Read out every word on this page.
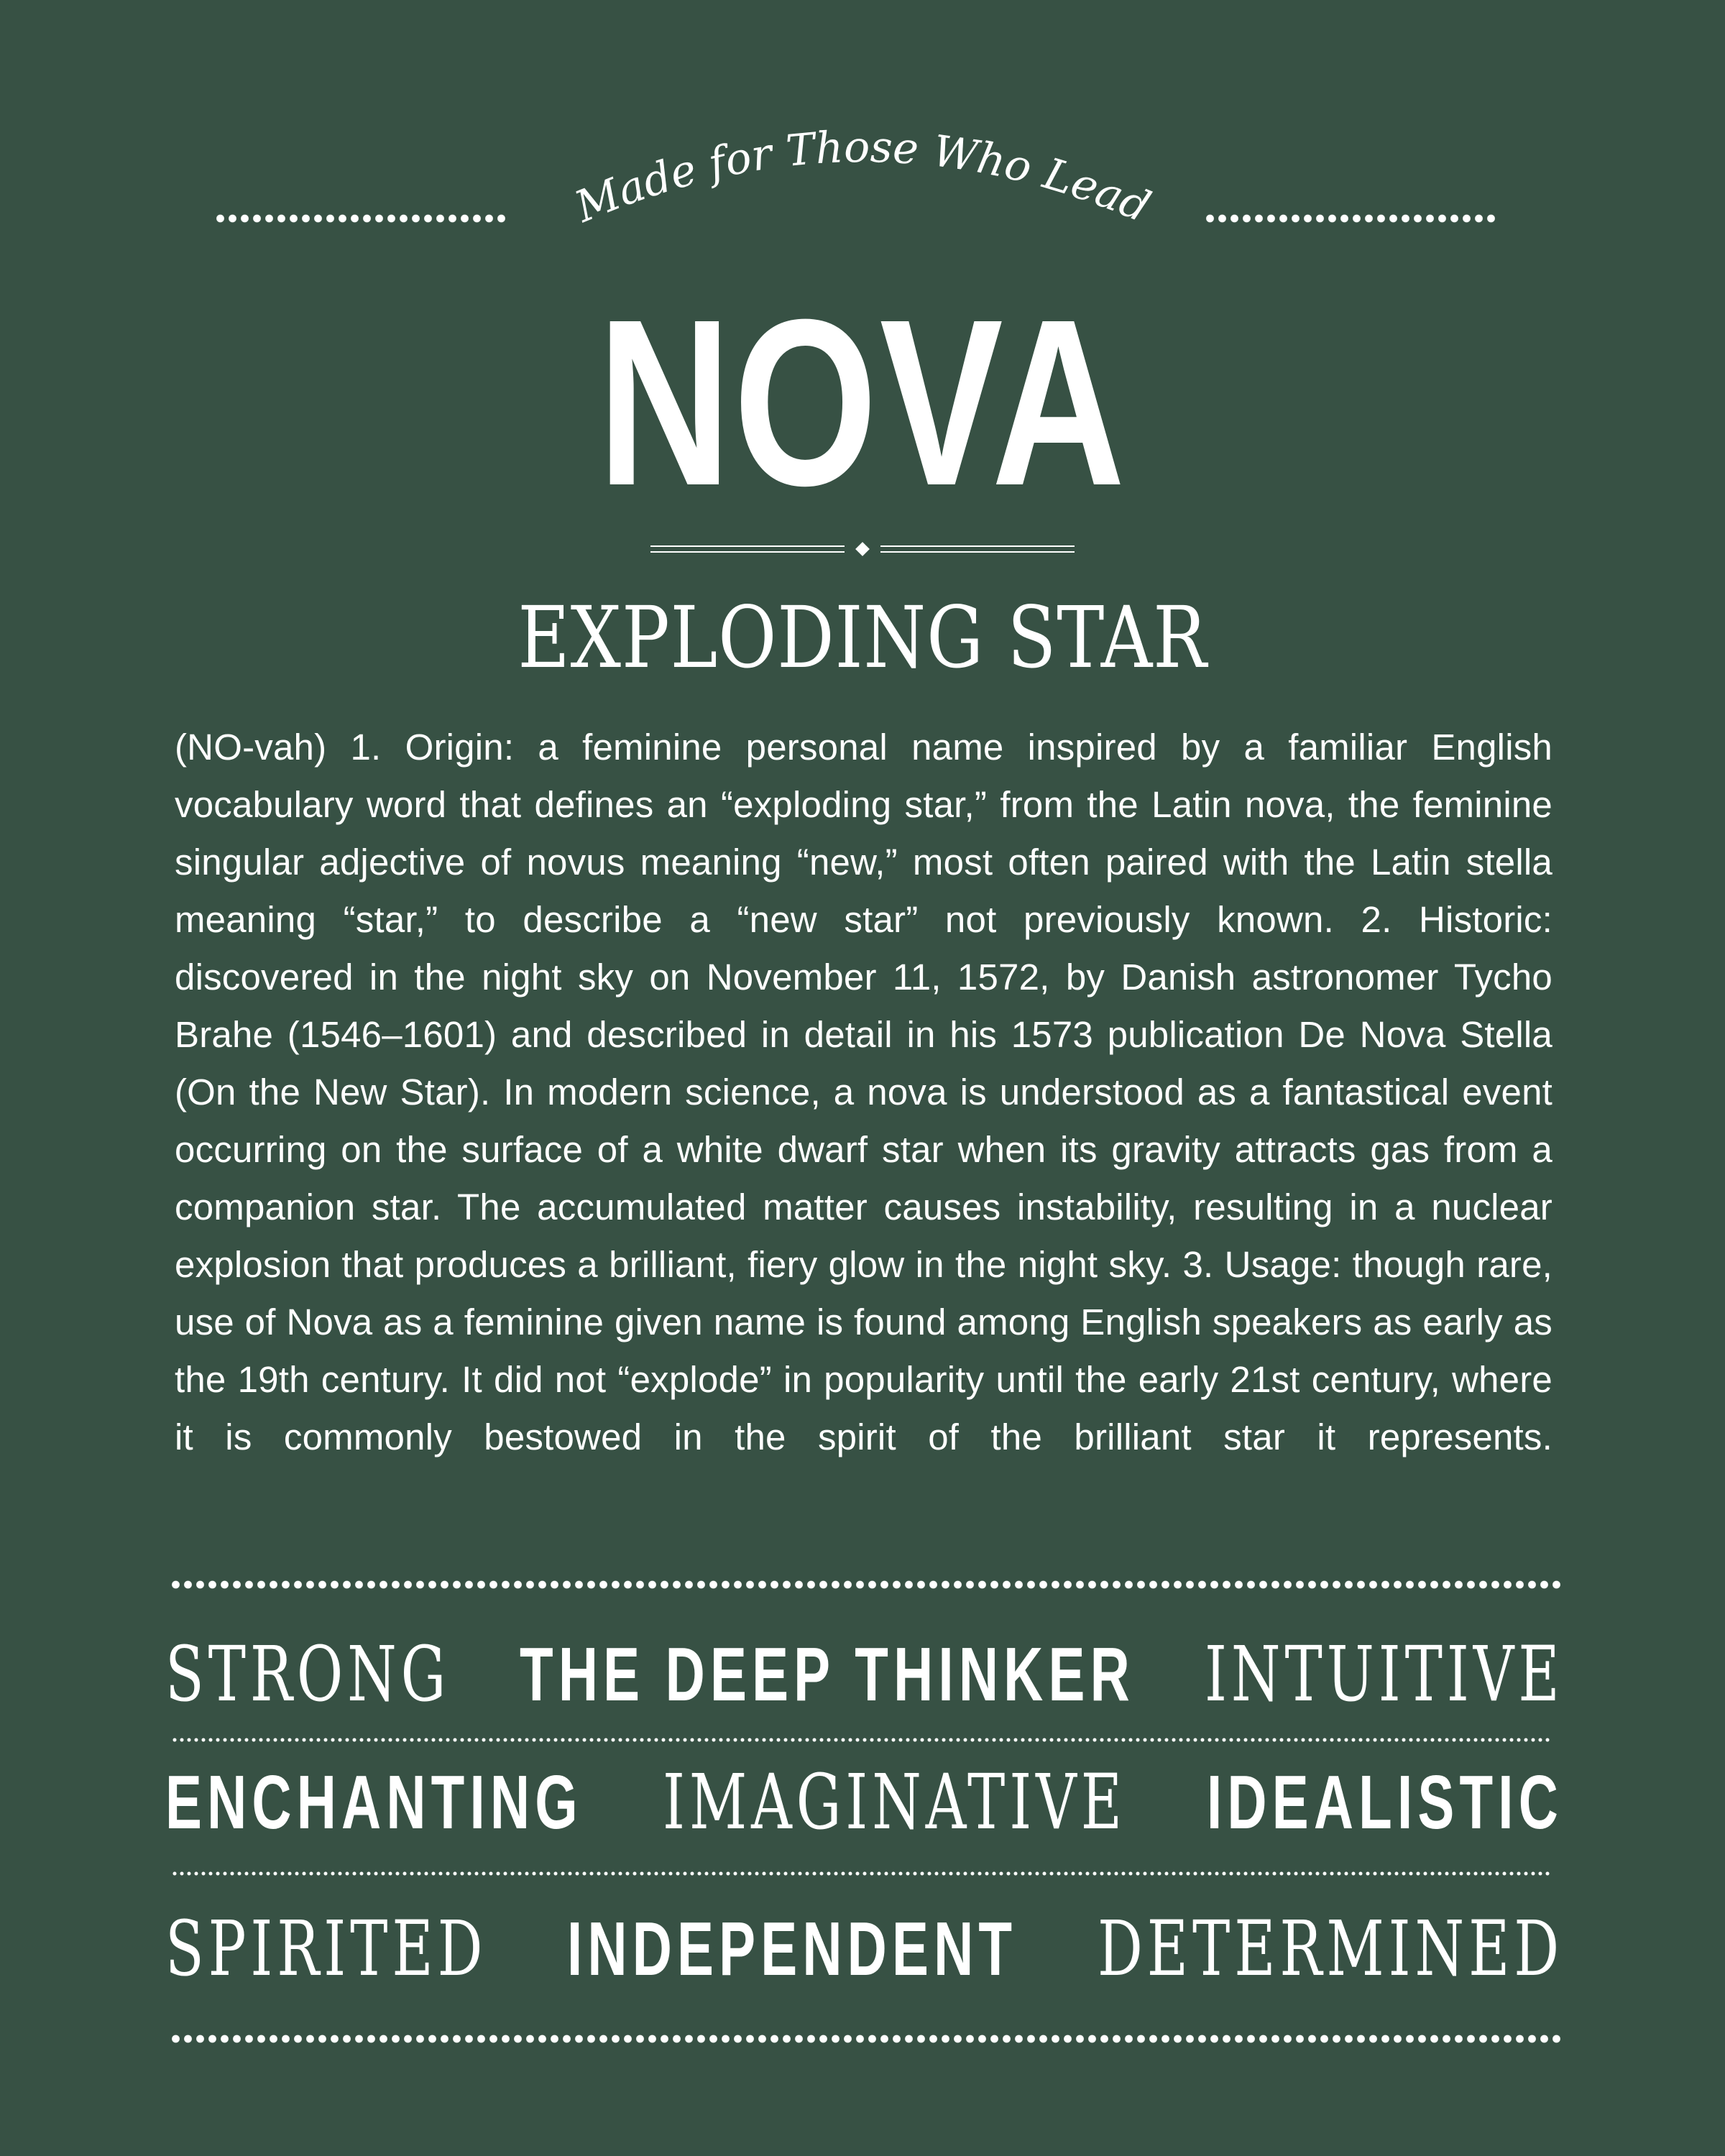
Made for Those Who Lead
NOVA
EXPLODING STAR
(NO-vah) 1. Origin: a feminine personal name inspired by a familiar English vocabulary word that defines an “exploding star,” from the Latin nova, the feminine singular adjective of novus meaning “new,” most often paired with the Latin stella meaning “star,” to describe a “new star” not previously known. 2. Historic: discovered in the night sky on November 11, 1572, by Danish astronomer Tycho Brahe (1546–1601) and described in detail in his 1573 publication De Nova Stella (On the New Star). In modern science, a nova is understood as a fantastical event occurring on the surface of a white dwarf star when its gravity attracts gas from a companion star. The accumulated matter causes instability, resulting in a nuclear explosion that produces a brilliant, fiery glow in the night sky. 3. Usage: though rare, use of Nova as a feminine given name is found among English speakers as early as the 19th century. It did not “explode” in popularity until the early 21st century, where it is commonly bestowed in the spirit of the brilliant star it represents.
STRONG THE DEEP THINKER INTUITIVE
ENCHANTING IMAGINATIVE IDEALISTIC
SPIRITED INDEPENDENT DETERMINED
